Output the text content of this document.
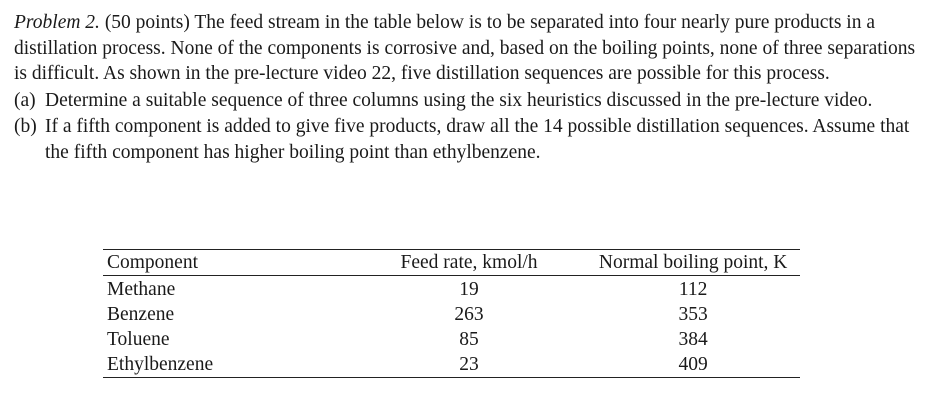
Problem 2. (50 points) The feed stream in the table below is to be separated into four nearly pure products in a distillation process. None of the components is corrosive and, based on the boiling points, none of three separations is difficult. As shown in the pre-lecture video 22, five distillation sequences are possible for this process.

(a) Determine a suitable sequence of three columns using the six heuristics discussed in the pre-lecture video.
(b) If a fifth component is added to give five products, draw all the 14 possible distillation sequences. Assume that the fifth component has higher boiling point than ethylbenzene.
Component	Feed rate, kmol/h	Normal boiling point, K
Methane	19	112
Benzene	263	353
Toluene	85	384
Ethylbenzene	23	409
